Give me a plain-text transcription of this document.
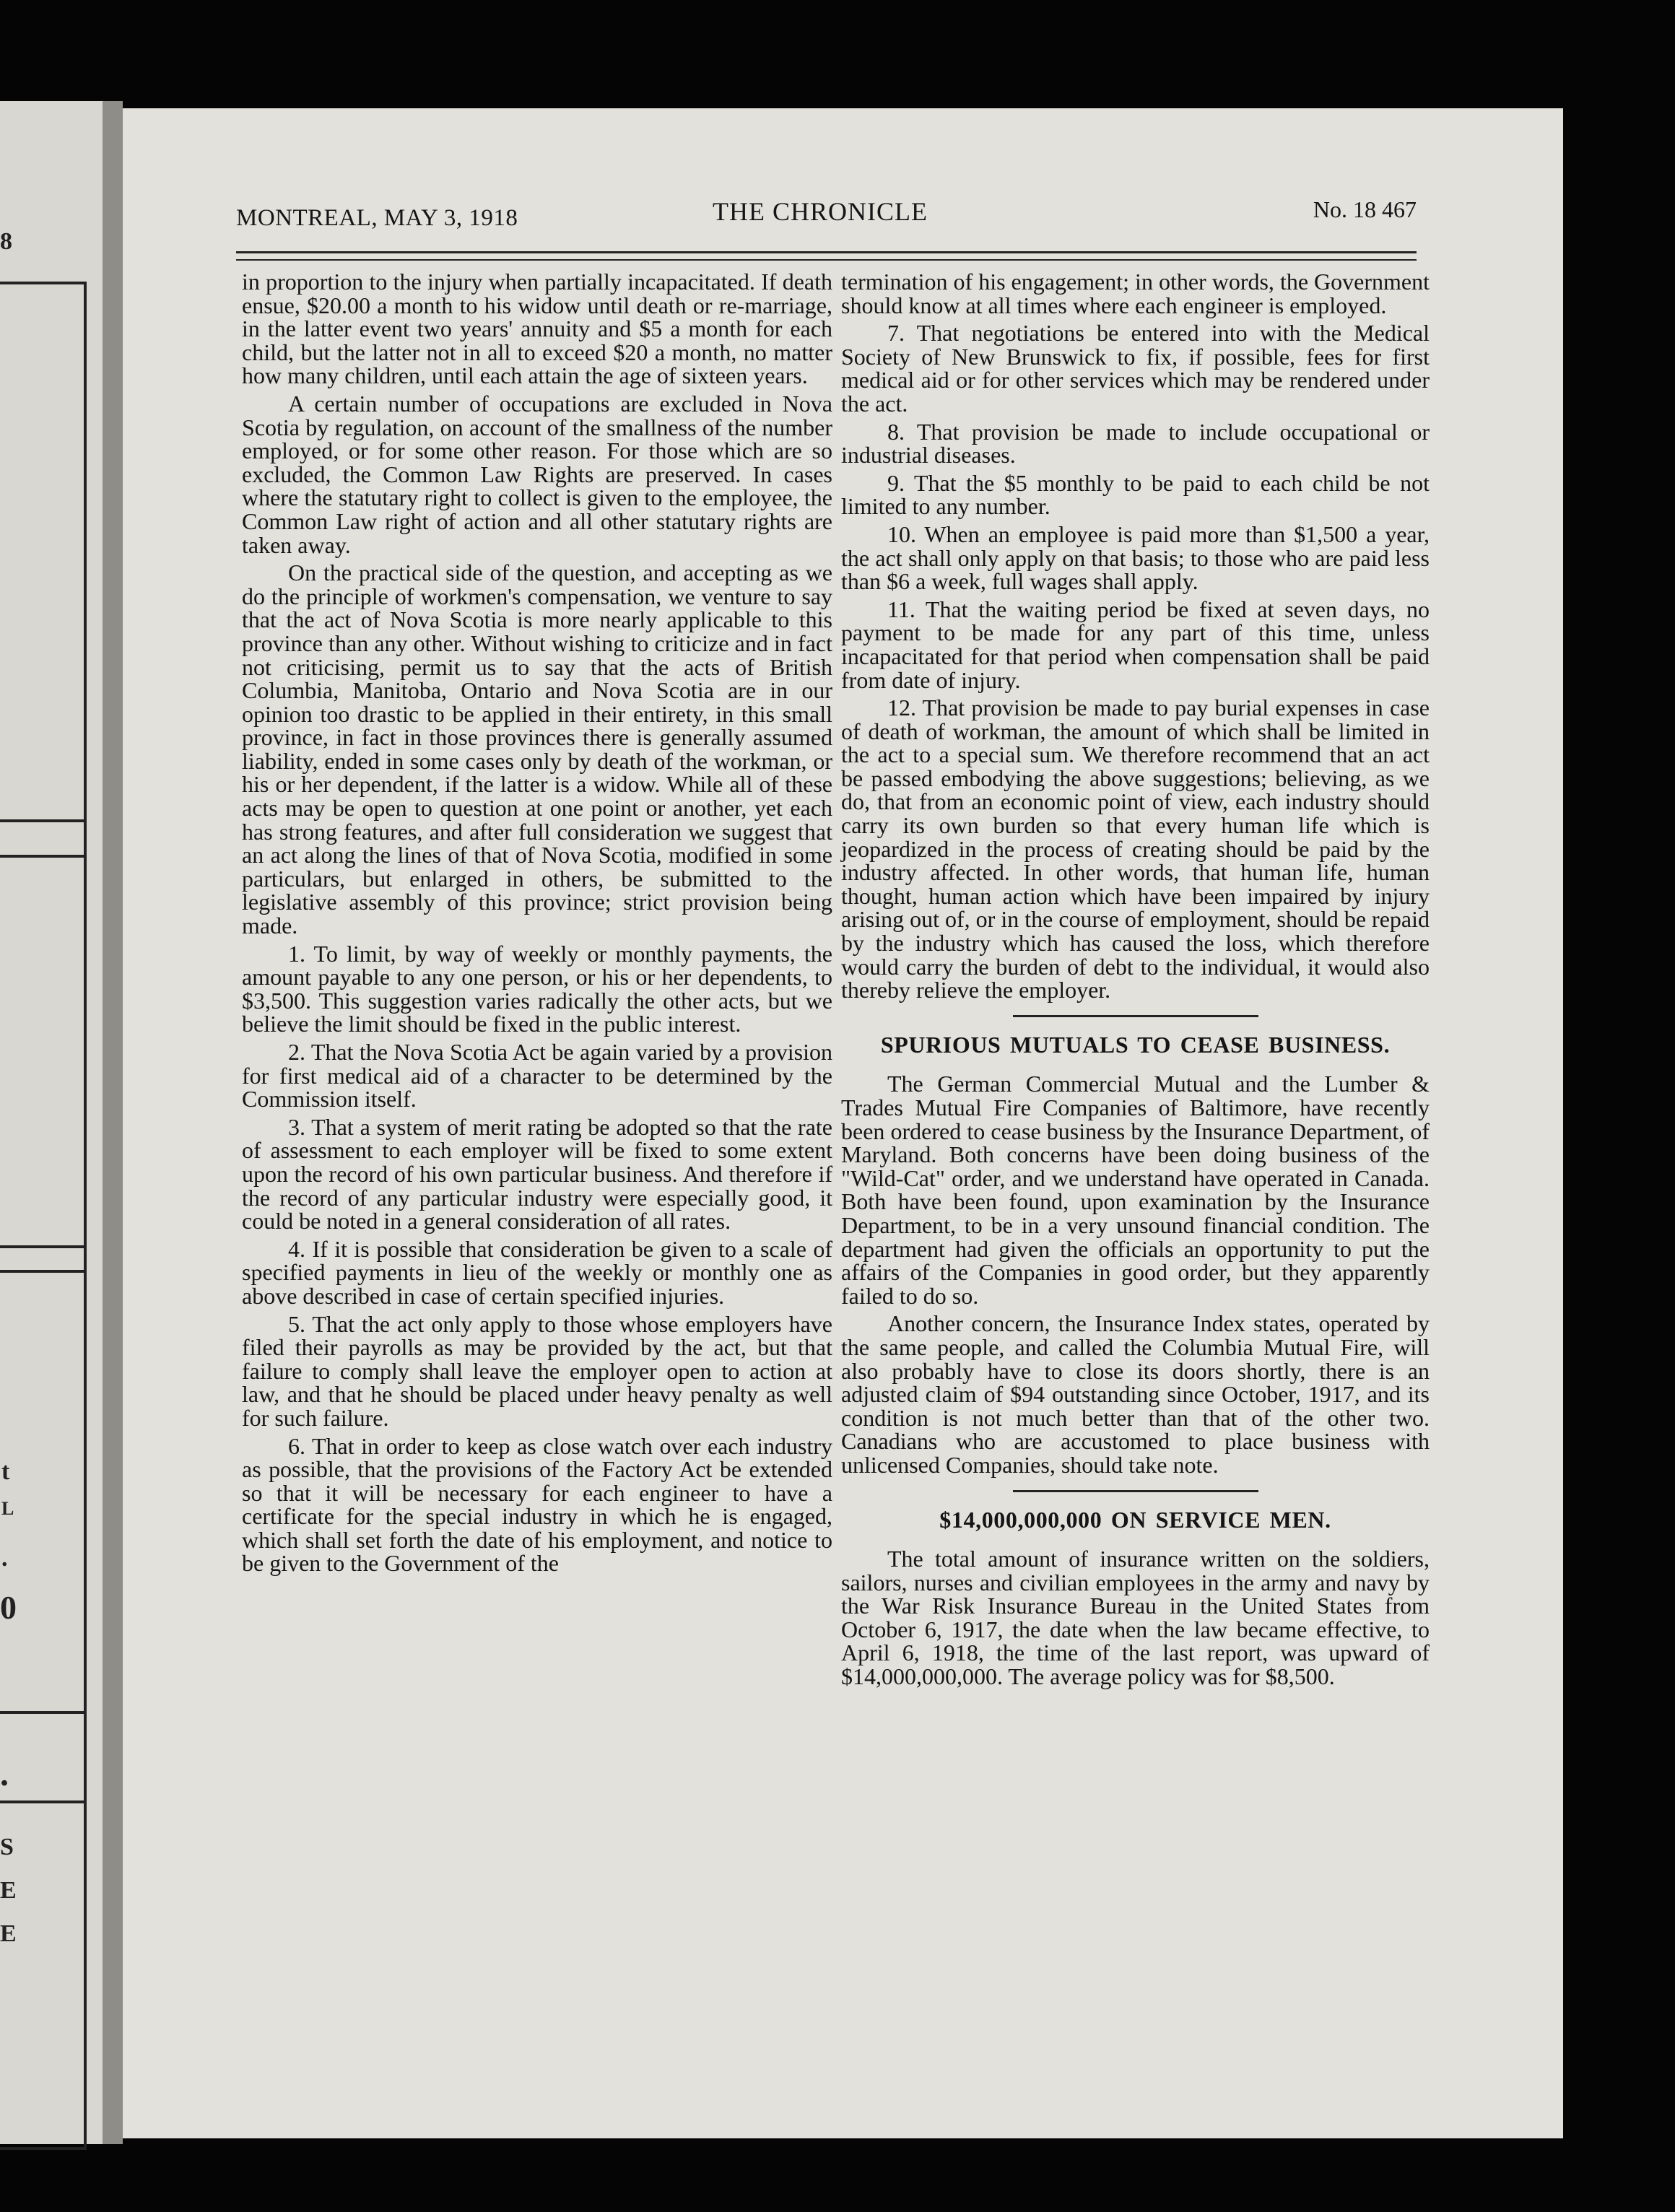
8
t
L
.
0
.
S
E
E
MONTREAL, MAY 3, 1918	THE CHRONICLE	No. 18 467

in proportion to the injury when partially incapacitated. If death ensue, $20.00 a month to his widow until death or re-marriage, in the latter event two years' annuity and $5 a month for each child, but the latter not in all to exceed $20 a month, no matter how many children, until each attain the age of sixteen years.

A certain number of occupations are excluded in Nova Scotia by regulation, on account of the smallness of the number employed, or for some other reason. For those which are so excluded, the Common Law Rights are preserved. In cases where the statutary right to collect is given to the employee, the Common Law right of action and all other statutary rights are taken away.

On the practical side of the question, and accepting as we do the principle of workmen's compensation, we venture to say that the act of Nova Scotia is more nearly applicable to this province than any other. Without wishing to criticize and in fact not criticising, permit us to say that the acts of British Columbia, Manitoba, Ontario and Nova Scotia are in our opinion too drastic to be applied in their entirety, in this small province, in fact in those provinces there is generally assumed liability, ended in some cases only by death of the workman, or his or her dependent, if the latter is a widow. While all of these acts may be open to question at one point or another, yet each has strong features, and after full consideration we suggest that an act along the lines of that of Nova Scotia, modified in some particulars, but enlarged in others, be submitted to the legislative assembly of this province; strict provision being made.

1. To limit, by way of weekly or monthly payments, the amount payable to any one person, or his or her dependents, to $3,500. This suggestion varies radically the other acts, but we believe the limit should be fixed in the public interest.

2. That the Nova Scotia Act be again varied by a provision for first medical aid of a character to be determined by the Commission itself.

3. That a system of merit rating be adopted so that the rate of assessment to each employer will be fixed to some extent upon the record of his own particular business. And therefore if the record of any particular industry were especially good, it could be noted in a general consideration of all rates.

4. If it is possible that consideration be given to a scale of specified payments in lieu of the weekly or monthly one as above described in case of certain specified injuries.

5. That the act only apply to those whose employers have filed their payrolls as may be provided by the act, but that failure to comply shall leave the employer open to action at law, and that he should be placed under heavy penalty as well for such failure.

6. That in order to keep as close watch over each industry as possible, that the provisions of the Factory Act be extended so that it will be necessary for each engineer to have a certificate for the special industry in which he is engaged, which shall set forth the date of his employment, and notice to be given to the Government of the

termination of his engagement; in other words, the Government should know at all times where each engineer is employed.

7. That negotiations be entered into with the Medical Society of New Brunswick to fix, if possible, fees for first medical aid or for other services which may be rendered under the act.

8. That provision be made to include occupational or industrial diseases.

9. That the $5 monthly to be paid to each child be not limited to any number.

10. When an employee is paid more than $1,500 a year, the act shall only apply on that basis; to those who are paid less than $6 a week, full wages shall apply.

11. That the waiting period be fixed at seven days, no payment to be made for any part of this time, unless incapacitated for that period when compensation shall be paid from date of injury.

12. That provision be made to pay burial expenses in case of death of workman, the amount of which shall be limited in the act to a special sum. We therefore recommend that an act be passed embodying the above suggestions; believing, as we do, that from an economic point of view, each industry should carry its own burden so that every human life which is jeopardized in the process of creating should be paid by the industry affected. In other words, that human life, human thought, human action which have been impaired by injury arising out of, or in the course of employment, should be repaid by the industry which has caused the loss, which therefore would carry the burden of debt to the individual, it would also thereby relieve the employer.

SPURIOUS MUTUALS TO CEASE BUSINESS.

The German Commercial Mutual and the Lumber & Trades Mutual Fire Companies of Baltimore, have recently been ordered to cease business by the Insurance Department, of Maryland. Both concerns have been doing business of the "Wild-Cat" order, and we understand have operated in Canada. Both have been found, upon examination by the Insurance Department, to be in a very unsound financial condition. The department had given the officials an opportunity to put the affairs of the Companies in good order, but they apparently failed to do so.

Another concern, the Insurance Index states, operated by the same people, and called the Columbia Mutual Fire, will also probably have to close its doors shortly, there is an adjusted claim of $94 outstanding since October, 1917, and its condition is not much better than that of the other two. Canadians who are accustomed to place business with unlicensed Companies, should take note.

$14,000,000,000 ON SERVICE MEN.

The total amount of insurance written on the soldiers, sailors, nurses and civilian employees in the army and navy by the War Risk Insurance Bureau in the United States from October 6, 1917, the date when the law became effective, to April 6, 1918, the time of the last report, was upward of $14,000,000,000. The average policy was for $8,500.
